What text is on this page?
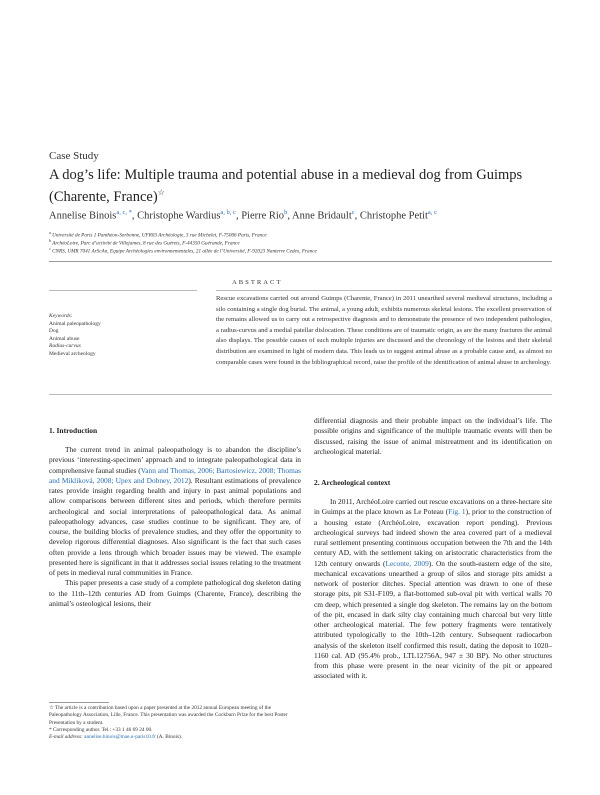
Case Study
A dog’s life: Multiple trauma and potential abuse in a medieval dog from Guimps (Charente, France)☆
Annelise Binois$^{a, c, *}$, Christophe Wardius$^{a, b, c}$, Pierre Rio$^b$, Anne Bridault$^c$, Christophe Petit$^{a, c}$
$^a$ Université de Paris 1 Panthéon-Sorbonne, UFR03 Archéologie, 3 rue Michelet, F-75006 Paris, France
$^b$ ArchéoLoire, Parc d’activité de Villejames, 8 rue des Guérets, F-44350 Guérande, France
$^c$ CNRS, UMR 7041 ArScAn, Equipe Archéologies environnementales, 21 allée de l’Université, F-92023 Nanterre Cedex, France
ABSTRACT
Keywords:
Animal paleopathology
Dog
Animal abuse
Radius-curvus
Medieval archeology
Rescue excavations carried out around Guimps (Charente, France) in 2011 unearthed several medieval structures, including a silo containing a single dog burial. The animal, a young adult, exhibits numerous skeletal lesions. The excellent preservation of the remains allowed us to carry out a retrospective diagnosis and to demonstrate the presence of two independent pathologies, a radius-curvus and a medial patellar dislocation. These conditions are of traumatic origin, as are the many fractures the animal also displays. The possible causes of such multiple injuries are discussed and the chronology of the lesions and their skeletal distribution are examined in light of modern data. This leads us to suggest animal abuse as a probable cause and, as almost no comparable cases were found in the bibliographical record, raise the profile of the identification of animal abuse in archeology.
1. Introduction

The current trend in animal paleopathology is to abandon the discipline’s previous ‘interesting-specimen’ approach and to integrate paleopathological data in comprehensive faunal studies (Vann and Thomas, 2006; Bartosiewicz, 2008; Thomas and Mikliková, 2008; Upex and Dobney, 2012). Resultant estimations of prevalence rates provide insight regarding health and injury in past animal populations and allow comparisons between different sites and periods, which therefore permits archeological and social interpretations of paleopathological data. As animal paleopathology advances, case studies continue to be significant. They are, of course, the building blocks of prevalence studies, and they offer the opportunity to develop rigorous differential diagnoses. Also significant is the fact that such cases often provide a lens through which broader issues may be viewed. The example presented here is significant in that it addresses social issues relating to the treatment of pets in medieval rural communities in France.

This paper presents a case study of a complete pathological dog skeleton dating to the 11th–12th centuries AD from Guimps (Charente, France), describing the animal’s osteological lesions, their

differential diagnosis and their probable impact on the individual’s life. The possible origins and significance of the multiple traumatic events will then be discussed, raising the issue of animal mistreatment and its identification on archeological material.

2. Archeological context

In 2011, ArchéoLoire carried out rescue excavations on a three-hectare site in Guimps at the place known as Le Poteau (Fig. 1), prior to the construction of a housing estate (ArchéoLoire, excavation report pending). Previous archeological surveys had indeed shown the area covered part of a medieval rural settlement presenting continuous occupation between the 7th and the 14th century AD, with the settlement taking on aristocratic characteristics from the 12th century onwards (Leconte, 2009). On the south-eastern edge of the site, mechanical excavations unearthed a group of silos and storage pits amidst a network of posterior ditches. Special attention was drawn to one of these storage pits, pit S31-F109, a flat-bottomed sub-oval pit with vertical walls 70 cm deep, which presented a single dog skeleton. The remains lay on the bottom of the pit, encased in dark silty clay containing much charcoal but very little other archeological material. The few pottery fragments were tentatively attributed typologically to the 10th–12th century. Subsequent radiocarbon analysis of the skeleton itself confirmed this result, dating the deposit to 1020–1160 cal. AD (95.4% prob., LTL12756A, 947 ± 30 BP). No other structures from this phase were present in the near vicinity of the pit or appeared associated with it.

☆ The article is a contribution based upon a paper presented at the 2012 annual European meeting of the Paleopathology Association, Lille, France. This presentation was awarded the Cockburn Prize for the best Poster Presentation by a student.

* Corresponding author. Tel.: +33 1 46 69 24 00.

E-mail address: annelise.binois@mae.u-paris10.fr (A. Binois).
